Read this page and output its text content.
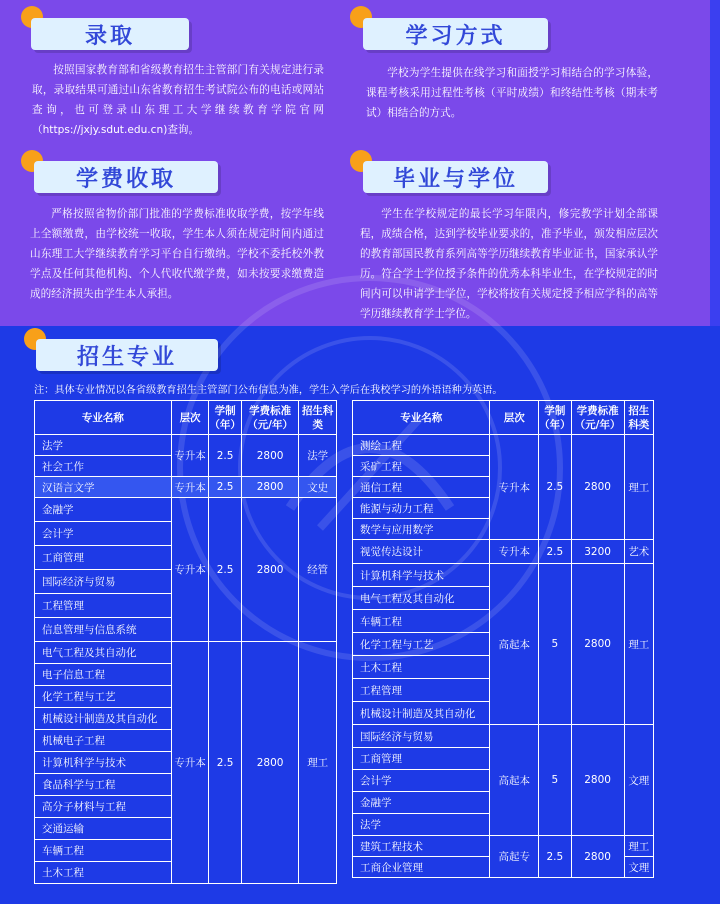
录取
按照国家教育部和省级教育招生主管部门有关规定进行录取，录取结果可通过山东省教育招生考试院公布的电话或网站查询，也可登录山东理工大学继续教育学院官网（https://jxjy.sdut.edu.cn)查询。
学习方式
学校为学生提供在线学习和面授学习相结合的学习体验，课程考核采用过程性考核（平时成绩）和终结性考核（期末考试）相结合的方式。
学费收取
严格按照省物价部门批准的学费标准收取学费，按学年线上全额缴费，由学校统一收取，学生本人须在规定时间内通过山东理工大学继续教育学习平台自行缴纳。学校不委托校外教学点及任何其他机构、个人代收代缴学费，如未按要求缴费造成的经济损失由学生本人承担。
毕业与学位
学生在学校规定的最长学习年限内，修完教学计划全部课程，成绩合格，达到学校毕业要求的，准予毕业，颁发相应层次的教育部国民教育系列高等学历继续教育毕业证书，国家承认学历。符合学士学位授予条件的优秀本科毕业生，在学校规定的时间内可以申请学士学位，学校将按有关规定授予相应学科的高等学历继续教育学士学位。
招生专业
注：具体专业情况以各省级教育招生主管部门公布信息为准，学生入学后在我校学习的外语语种为英语。
专业名称	层次	学制（年）	学费标准（元/年）	招生科类
法学	专升本	2.5	2800	法学
社会工作				
汉语言文学	专升本	2.5	2800	文史
金融学	专升本	2.5	2800	经管
会计学				
工商管理				
国际经济与贸易				
工程管理				
信息管理与信息系统				
电气工程及其自动化	专升本	2.5	2800	理工
电子信息工程				
化学工程与工艺				
机械设计制造及其自动化				
机械电子工程				
计算机科学与技术				
食品科学与工程				
高分子材料与工程				
交通运输				
车辆工程				
土木工程				
专业名称	层次	学制（年）	学费标准（元/年）	招生科类
测绘工程	专升本	2.5	2800	理工
采矿工程				
通信工程				
能源与动力工程				
数学与应用数学				
视觉传达设计	专升本	2.5	3200	艺术
计算机科学与技术	高起本	5	2800	理工
电气工程及其自动化				
车辆工程				
化学工程与工艺				
土木工程				
工程管理				
机械设计制造及其自动化				
国际经济与贸易	高起本	5	2800	文理
工商管理				
会计学				
金融学				
法学				
建筑工程技术	高起专	2.5	2800	理工
工商企业管理				文理
